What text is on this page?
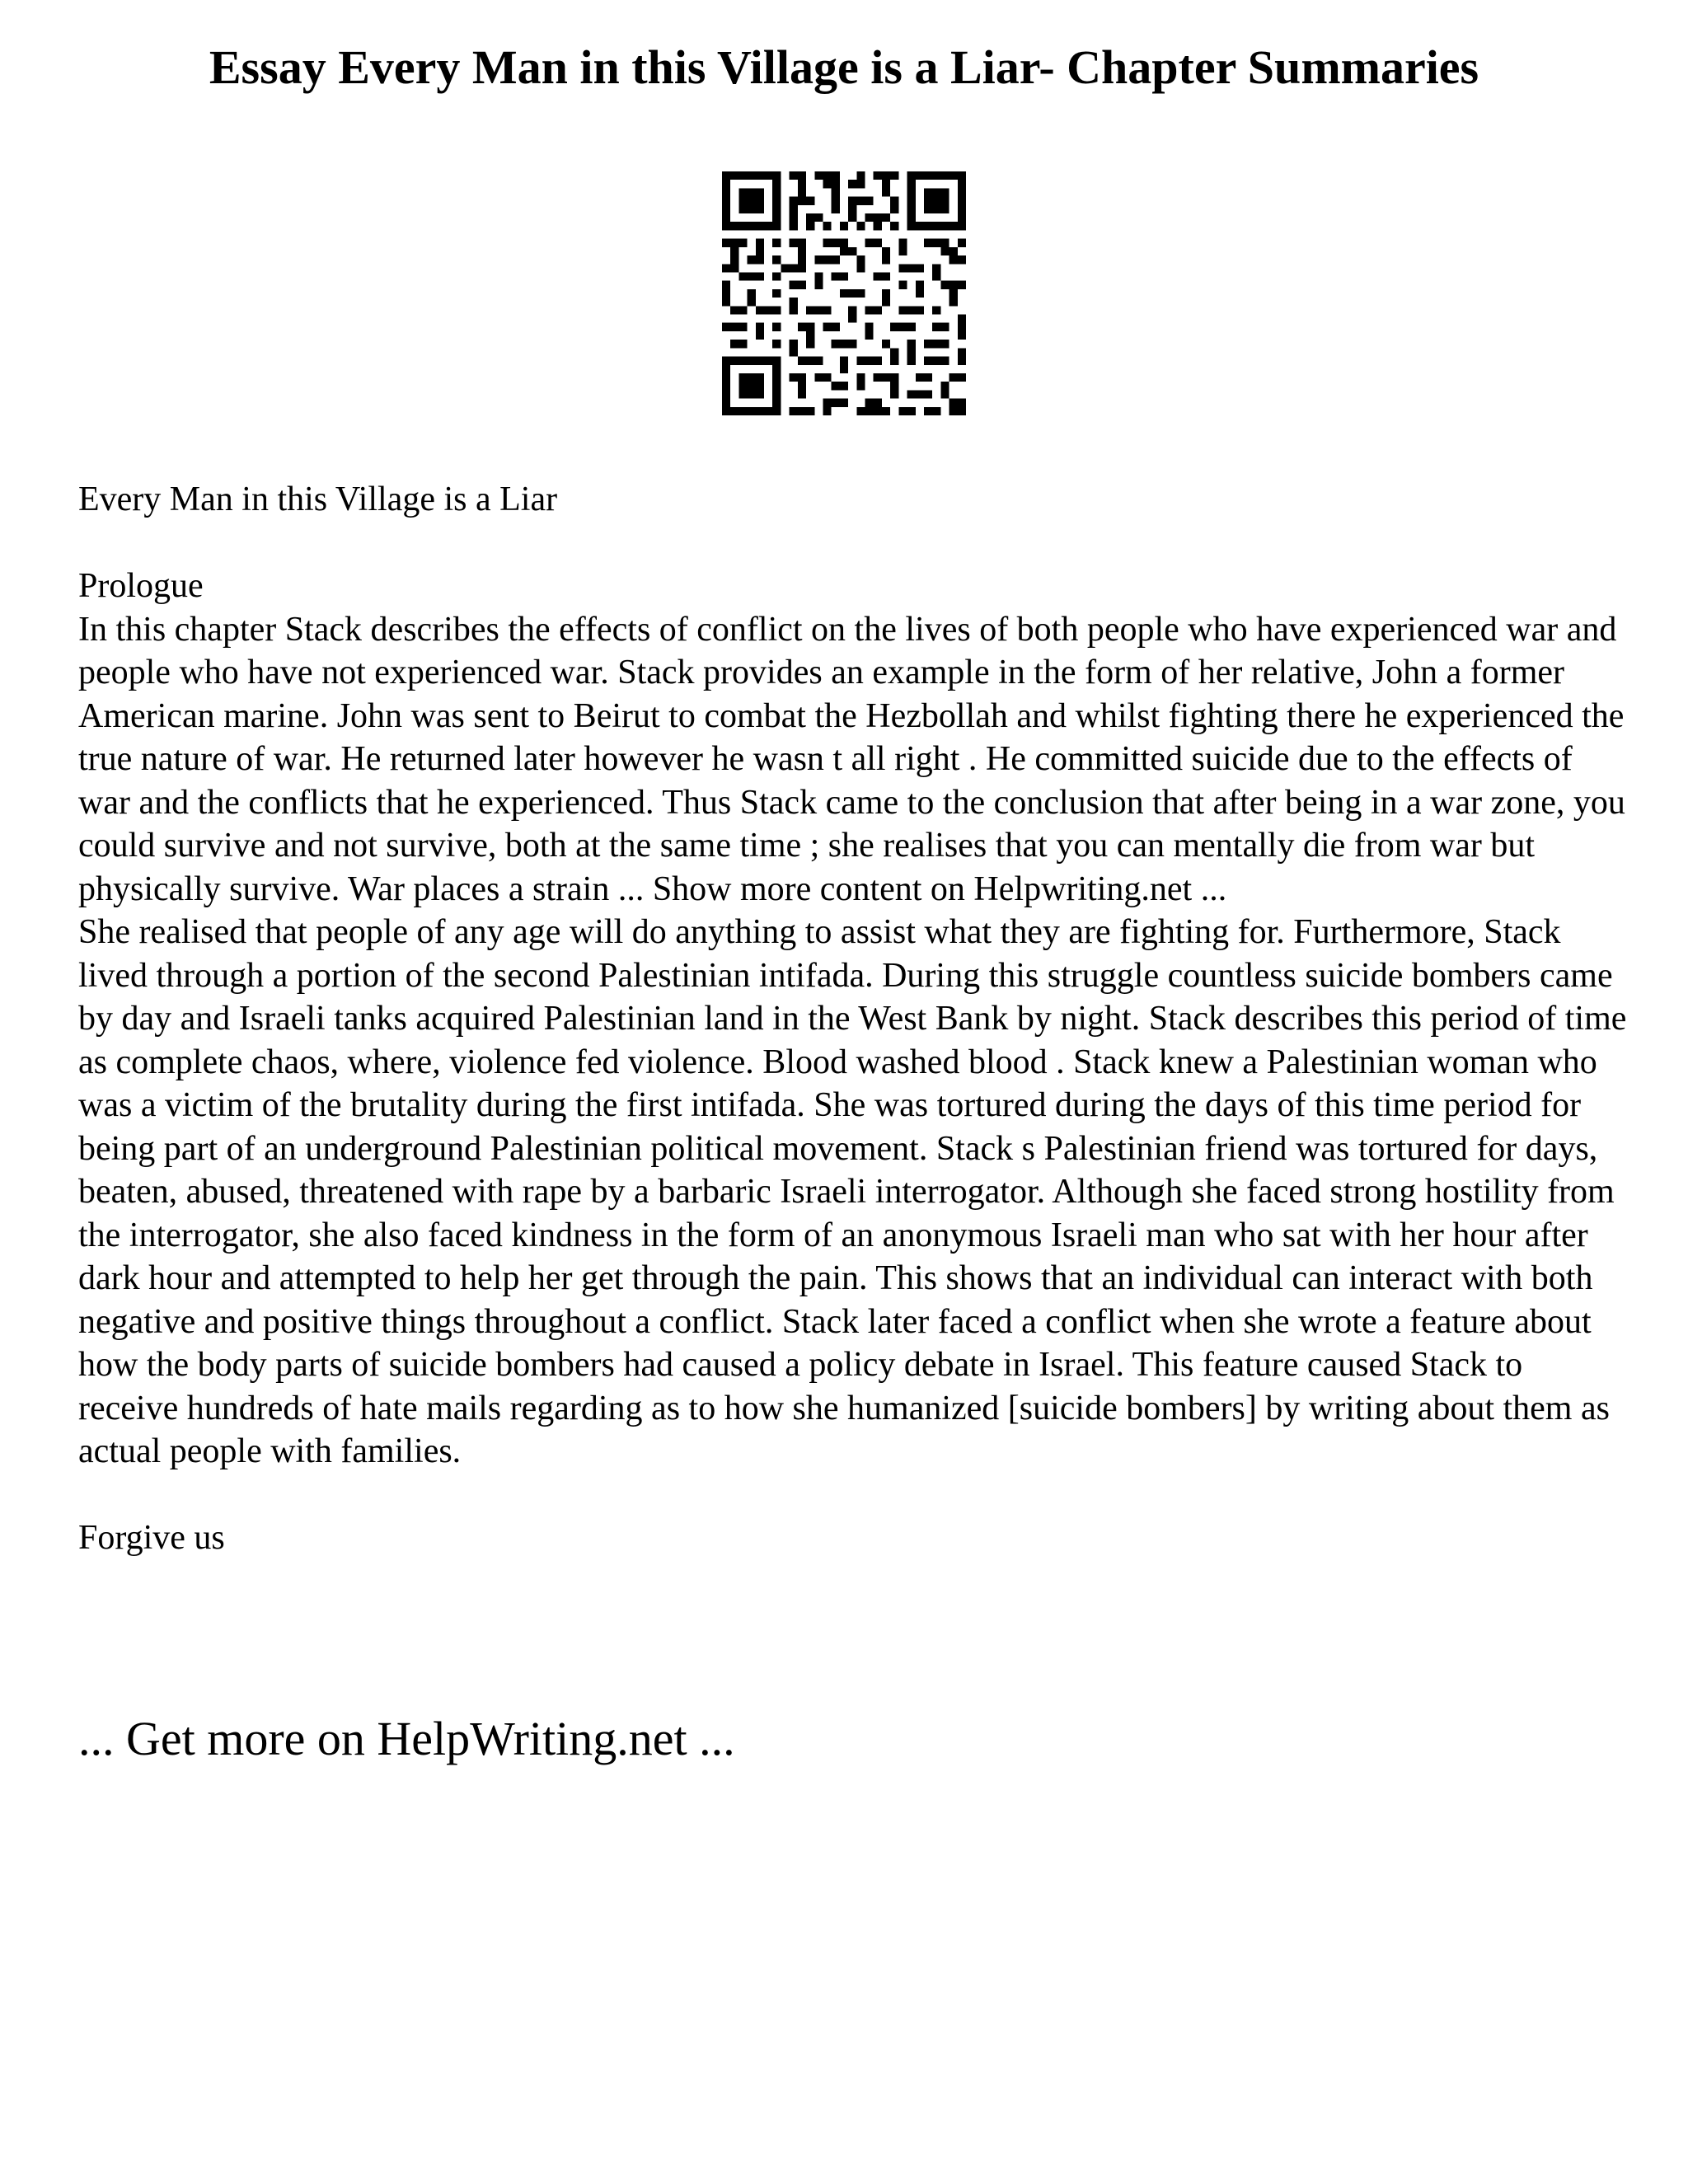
Essay Every Man in this Village is a Liar- Chapter Summaries

Every Man in this Village is a Liar

Prologue

In this chapter Stack describes the effects of conflict on the lives of both people who have experienced war and people who have not experienced war. Stack provides an example in the form of her relative, John a former American marine. John was sent to Beirut to combat the Hezbollah and whilst fighting there he experienced the true nature of war. He returned later however he wasn t all right . He committed suicide due to the effects of war and the conflicts that he experienced. Thus Stack came to the conclusion that after being in a war zone, you could survive and not survive, both at the same time ; she realises that you can mentally die from war but physically survive. War places a strain ... Show more content on Helpwriting.net ...

She realised that people of any age will do anything to assist what they are fighting for. Furthermore, Stack lived through a portion of the second Palestinian intifada. During this struggle countless suicide bombers came by day and Israeli tanks acquired Palestinian land in the West Bank by night. Stack describes this period of time as complete chaos, where, violence fed violence. Blood washed blood . Stack knew a Palestinian woman who was a victim of the brutality during the first intifada. She was tortured during the days of this time period for being part of an underground Palestinian political movement. Stack s Palestinian friend was tortured for days, beaten, abused, threatened with rape by a barbaric Israeli interrogator. Although she faced strong hostility from the interrogator, she also faced kindness in the form of an anonymous Israeli man who sat with her hour after dark hour and attempted to help her get through the pain. This shows that an individual can interact with both negative and positive things throughout a conflict. Stack later faced a conflict when she wrote a feature about how the body parts of suicide bombers had caused a policy debate in Israel. This feature caused Stack to receive hundreds of hate mails regarding as to how she humanized [suicide bombers] by writing about them as actual people with families.

Forgive us

... Get more on HelpWriting.net ...
